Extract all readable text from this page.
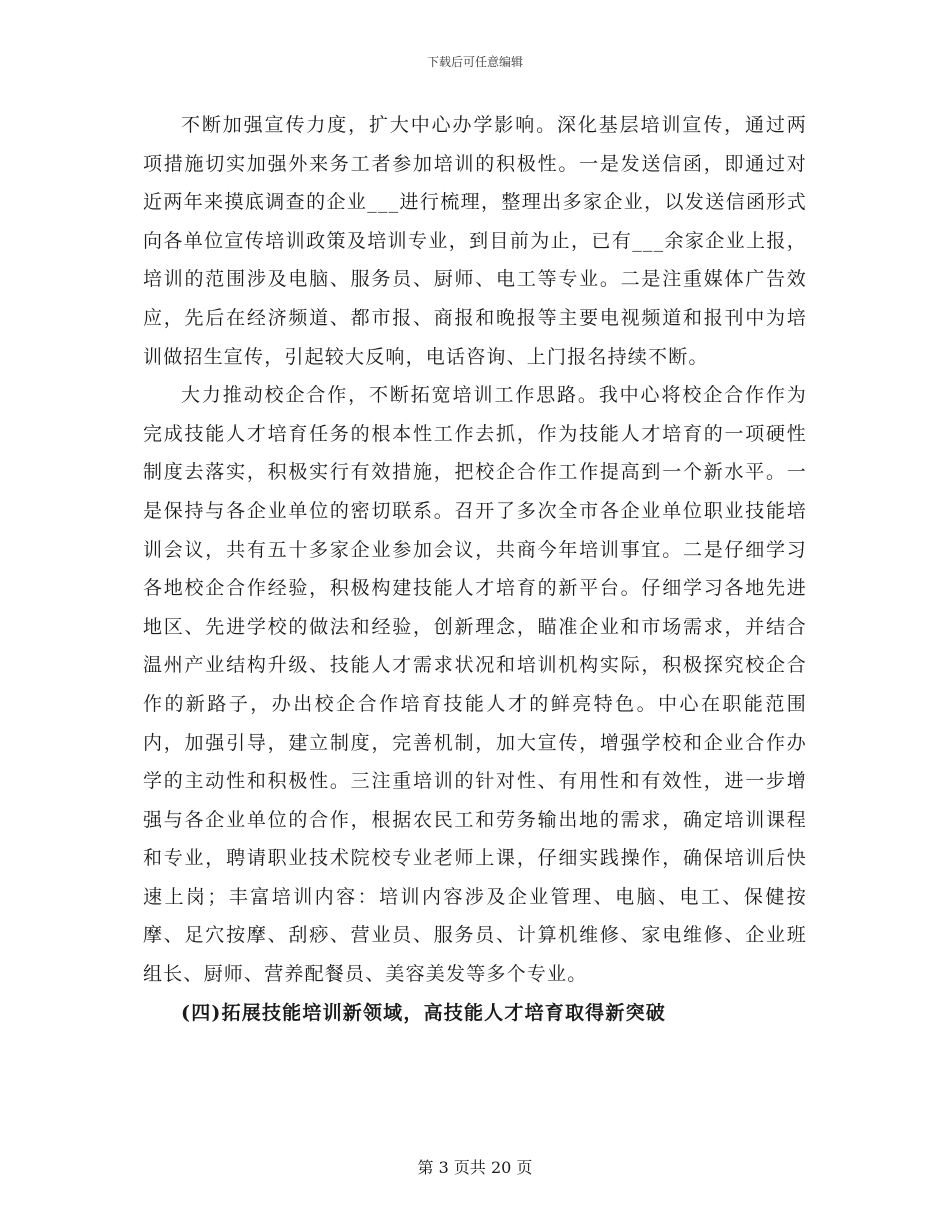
下载后可任意编辑

不断加强宣传力度，扩大中心办学影响。深化基层培训宣传，通过两项措施切实加强外来务工者参加培训的积极性。一是发送信函，即通过对近两年来摸底调查的企业___进行梳理，整理出多家企业，以发送信函形式向各单位宣传培训政策及培训专业，到目前为止，已有___余家企业上报，培训的范围涉及电脑、服务员、厨师、电工等专业。二是注重媒体广告效应，先后在经济频道、都市报、商报和晚报等主要电视频道和报刊中为培训做招生宣传，引起较大反响，电话咨询、上门报名持续不断。

大力推动校企合作，不断拓宽培训工作思路。我中心将校企合作作为完成技能人才培育任务的根本性工作去抓，作为技能人才培育的一项硬性制度去落实，积极实行有效措施，把校企合作工作提高到一个新水平。一是保持与各企业单位的密切联系。召开了多次全市各企业单位职业技能培训会议，共有五十多家企业参加会议，共商今年培训事宜。二是仔细学习各地校企合作经验，积极构建技能人才培育的新平台。仔细学习各地先进地区、先进学校的做法和经验，创新理念，瞄准企业和市场需求，并结合温州产业结构升级、技能人才需求状况和培训机构实际，积极探究校企合作的新路子，办出校企合作培育技能人才的鲜亮特色。中心在职能范围内，加强引导，建立制度，完善机制，加大宣传，增强学校和企业合作办学的主动性和积极性。三注重培训的针对性、有用性和有效性，进一步增强与各企业单位的合作，根据农民工和劳务输出地的需求，确定培训课程和专业，聘请职业技术院校专业老师上课，仔细实践操作，确保培训后快速上岗；丰富培训内容：培训内容涉及企业管理、电脑、电工、保健按摩、足穴按摩、刮痧、营业员、服务员、计算机维修、家电维修、企业班组长、厨师、营养配餐员、美容美发等多个专业。

(四)拓展技能培训新领域，高技能人才培育取得新突破

第 3 页共 20 页
